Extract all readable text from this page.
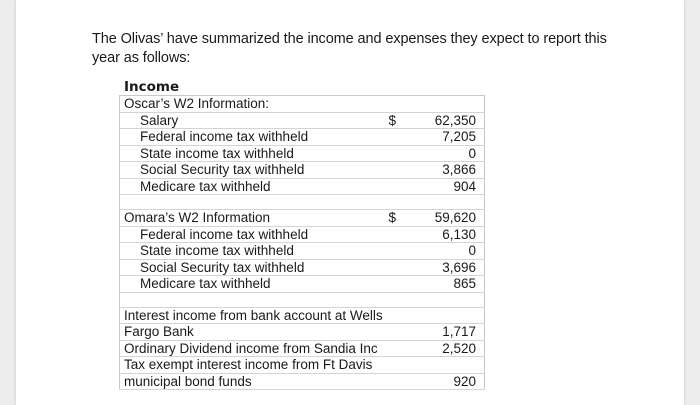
The Olivas’ have summarized the income and expenses they expect to report this year as follows:
Income
Oscar’s W2 Information:		
Salary	$	62,350
Federal income tax withheld		7,205
State income tax withheld		0
Social Security tax withheld		3,866
Medicare tax withheld		904

Omara’s W2 Information	$	59,620
Federal income tax withheld		6,130
State income tax withheld		0
Social Security tax withheld		3,696
Medicare tax withheld		865

Interest income from bank account at Wells		
Fargo Bank		1,717
Ordinary Dividend income from Sandia Inc		2,520
Tax exempt interest income from Ft Davis		
municipal bond funds		920
